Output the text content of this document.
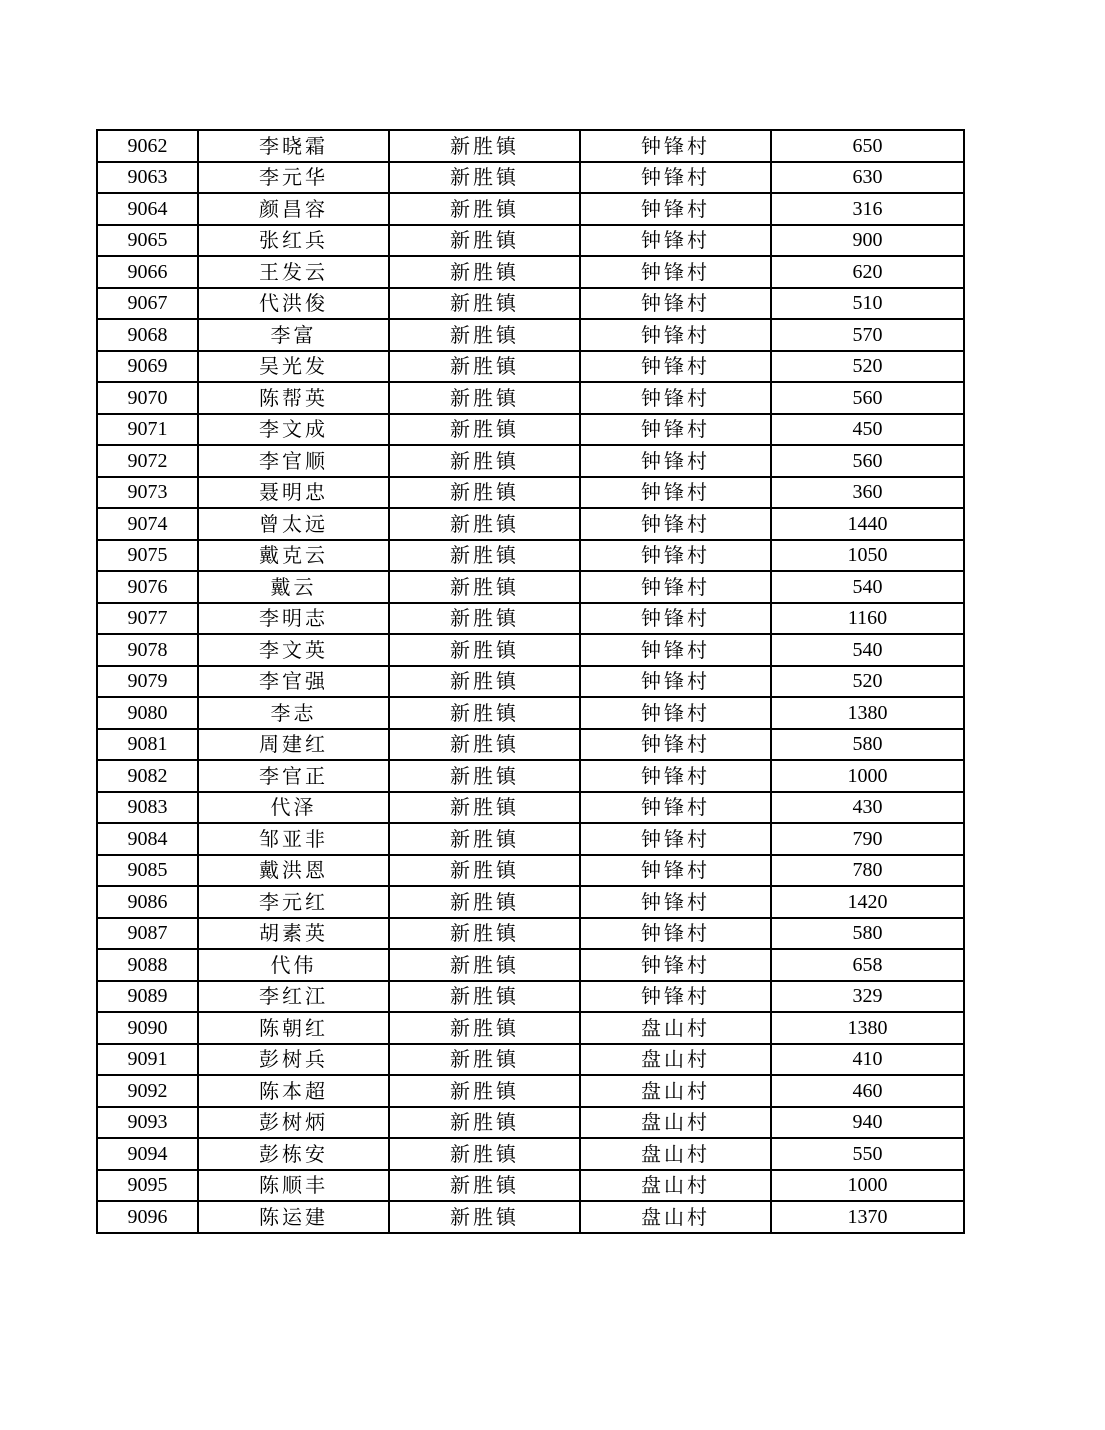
9062	李晓霜	新胜镇	钟锋村	650
9063	李元华	新胜镇	钟锋村	630
9064	颜昌容	新胜镇	钟锋村	316
9065	张红兵	新胜镇	钟锋村	900
9066	王发云	新胜镇	钟锋村	620
9067	代洪俊	新胜镇	钟锋村	510
9068	李富	新胜镇	钟锋村	570
9069	吴光发	新胜镇	钟锋村	520
9070	陈帮英	新胜镇	钟锋村	560
9071	李文成	新胜镇	钟锋村	450
9072	李官顺	新胜镇	钟锋村	560
9073	聂明忠	新胜镇	钟锋村	360
9074	曾太远	新胜镇	钟锋村	1440
9075	戴克云	新胜镇	钟锋村	1050
9076	戴云	新胜镇	钟锋村	540
9077	李明志	新胜镇	钟锋村	1160
9078	李文英	新胜镇	钟锋村	540
9079	李官强	新胜镇	钟锋村	520
9080	李志	新胜镇	钟锋村	1380
9081	周建红	新胜镇	钟锋村	580
9082	李官正	新胜镇	钟锋村	1000
9083	代泽	新胜镇	钟锋村	430
9084	邹亚非	新胜镇	钟锋村	790
9085	戴洪恩	新胜镇	钟锋村	780
9086	李元红	新胜镇	钟锋村	1420
9087	胡素英	新胜镇	钟锋村	580
9088	代伟	新胜镇	钟锋村	658
9089	李红江	新胜镇	钟锋村	329
9090	陈朝红	新胜镇	盘山村	1380
9091	彭树兵	新胜镇	盘山村	410
9092	陈本超	新胜镇	盘山村	460
9093	彭树炳	新胜镇	盘山村	940
9094	彭栋安	新胜镇	盘山村	550
9095	陈顺丰	新胜镇	盘山村	1000
9096	陈运建	新胜镇	盘山村	1370
